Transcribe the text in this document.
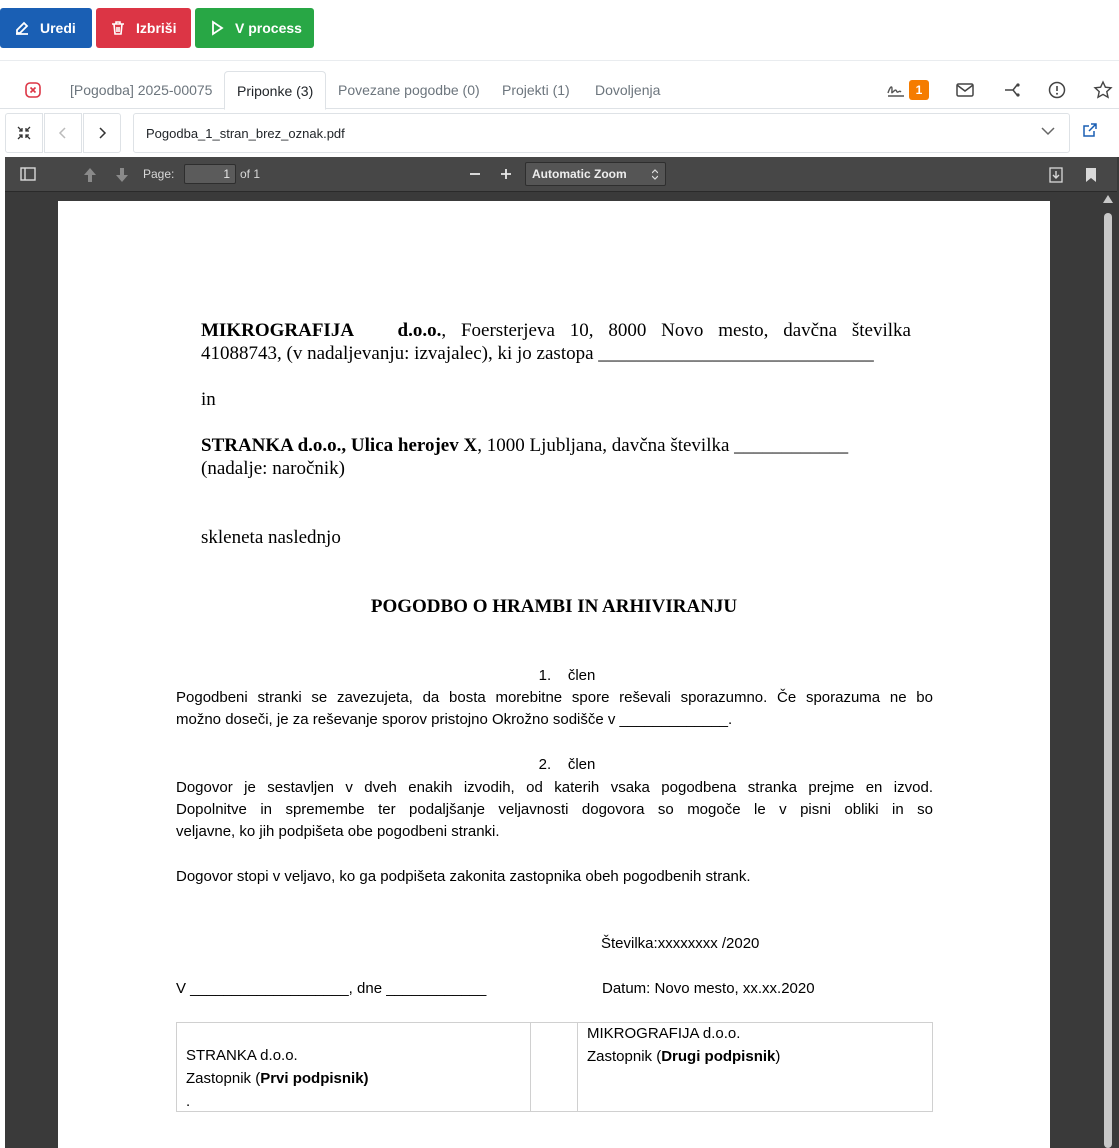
Uredi	Izbriši	V process
[Pogodba] 2025-00075	Priponke (3)	Povezane pogodbe (0) Projekti (1) Dovoljenja	1
Pogodba_1_stran_brez_oznak.pdf
Page:	1 of 1	Automatic Zoom
MIKROGRAFIJA   d.o.o., Foersterjeva 10, 8000 Novo mesto, davčna številka
41088743, (v nadaljevanju: izvajalec), ki jo zastopa _____________________________
in
STRANKA d.o.o., Ulica herojev X, 1000 Ljubljana, davčna številka ____________
(nadalje: naročnik)
skleneta naslednjo
POGODBO O HRAMBI IN ARHIVIRANJU
1.    člen
Pogodbeni stranki se zavezujeta, da bosta morebitne spore reševali sporazumno. Če sporazuma ne bo
možno doseči, je za reševanje sporov pristojno Okrožno sodišče v _____________.
2.    člen
Dogovor je sestavljen v dveh enakih izvodih, od katerih vsaka pogodbena stranka prejme en izvod.
Dopolnitve in spremembe ter podaljšanje veljavnosti dogovora so mogoče le v pisni obliki in so
veljavne, ko jih podpišeta obe pogodbeni stranki.
Dogovor stopi v veljavo, ko ga podpišeta zakonita zastopnika obeh pogodbenih strank.
Številka:xxxxxxxx /2020
V ___________________, dne ____________	Datum: Novo mesto, xx.xx.2020
STRANKA d.o.o.
Zastopnik (Prvi podpisnik)
.
MIKROGRAFIJA d.o.o.
Zastopnik (Drugi podpisnik)
